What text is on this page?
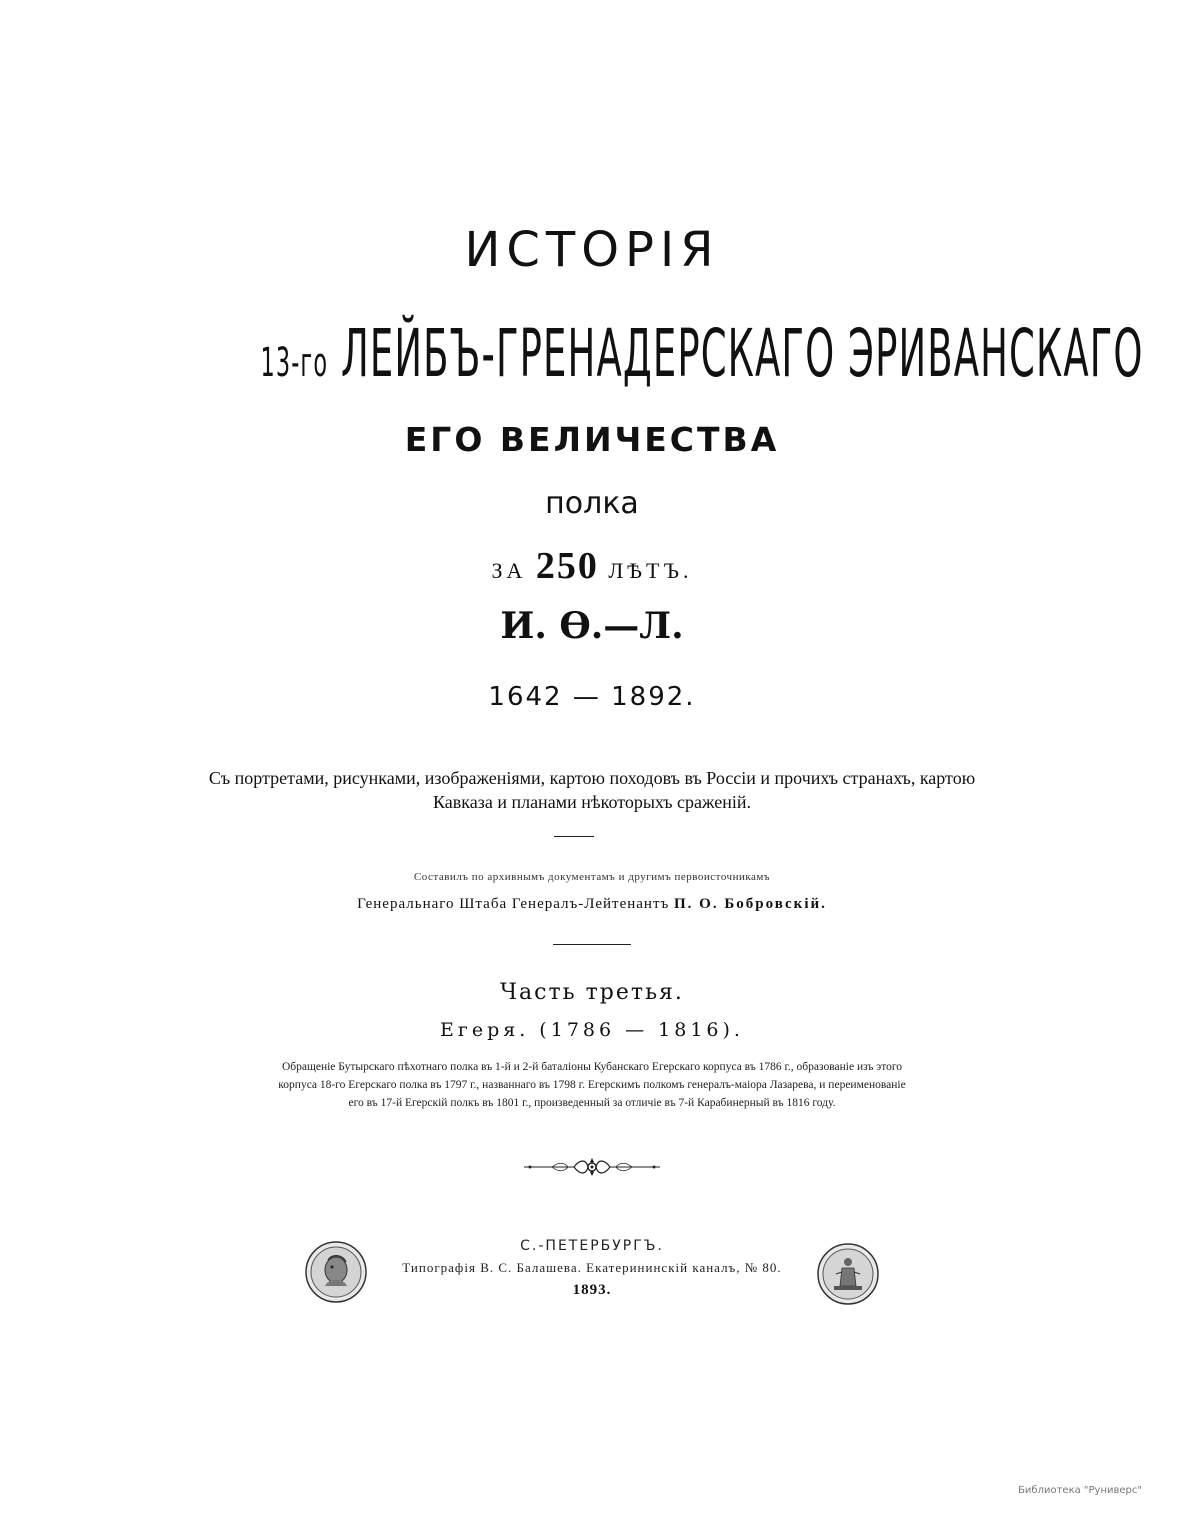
ИСТОРІЯ
13-го ЛЕЙБЪ-ГРЕНАДЕРСКАГО ЭРИВАНСКАГО
ЕГО ВЕЛИЧЕСТВА
полка
ЗА 250 ЛѢТЪ.
И. Ѳ.—Л.
1642 — 1892.
Съ портретами, рисунками, изображеніями, картою походовъ въ Россіи и прочихъ странахъ, картою
Кавказа и планами нѣкоторыхъ сраженій.
Составилъ по архивнымъ документамъ и другимъ первоисточникамъ
Генеральнаго Штаба Генералъ-Лейтенантъ П. О. Бобровскій.
Часть третья.
Егеря. (1786 — 1816).
Обращеніе Бутырскаго пѣхотнаго полка въ 1-й и 2-й баталіоны Кубанскаго Егерскаго корпуса въ 1786 г., образованіе изъ этого
корпуса 18-го Егерскаго полка въ 1797 г., названнаго въ 1798 г. Егерскимъ полкомъ генералъ-маіора Лазарева, и переименованіе
его въ 17-й Егерскій полкъ въ 1801 г., произведенный за отличіе въ 7-й Карабинерный въ 1816 году.
С.-ПЕТЕРБУРГЪ.
Типографія В. С. Балашева. Екатерининскій каналъ, № 80.
1893.
Библиотека "Руниверс"
